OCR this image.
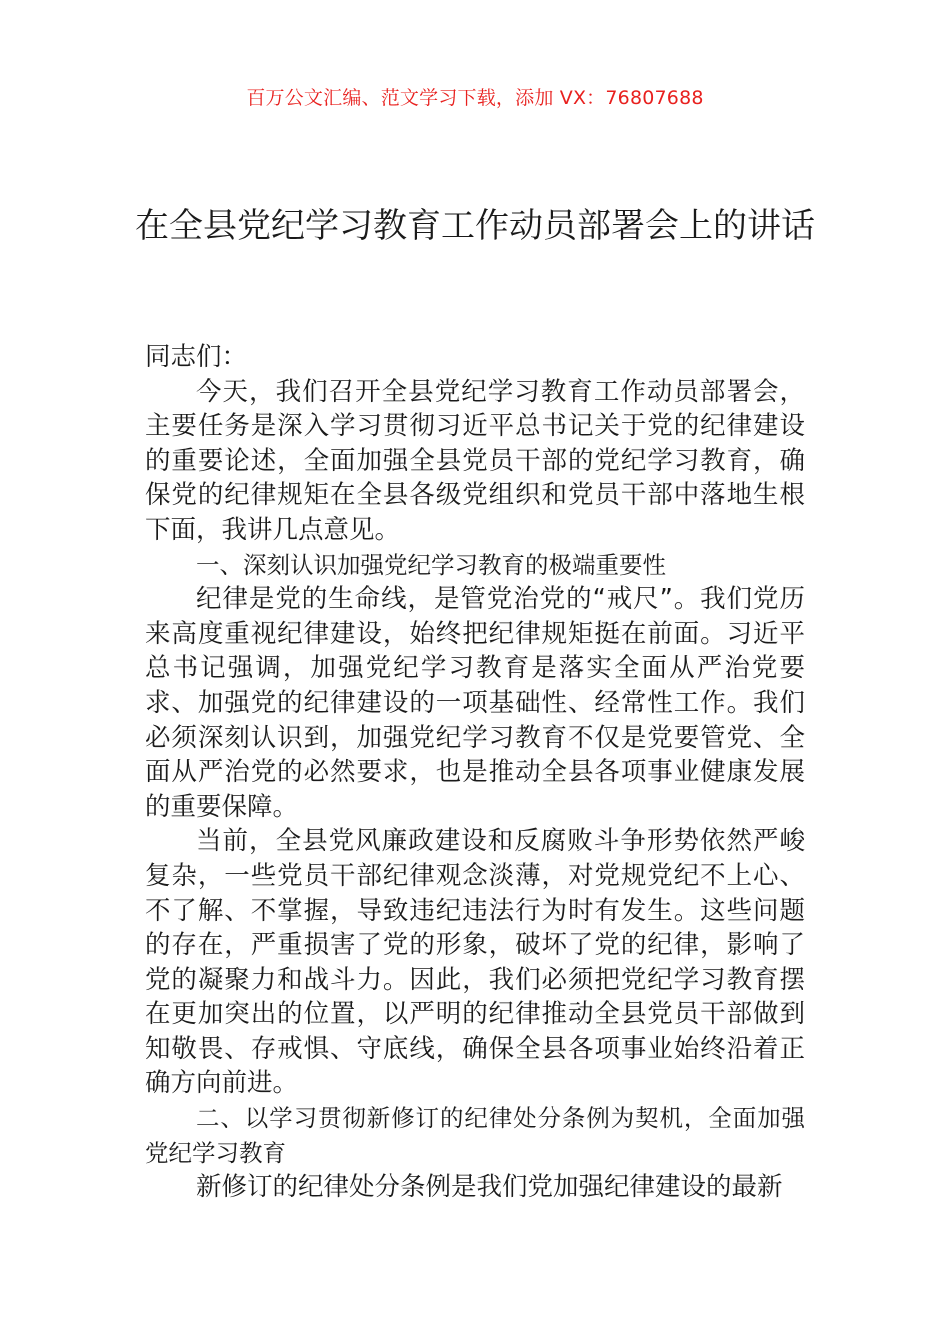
百万公文汇编、范文学习下载，添加 VX：76807688
在全县党纪学习教育工作动员部署会上的讲话

同志们：

今天，我们召开全县党纪学习教育工作动员部署会，主要任务是深入学习贯彻习近平总书记关于党的纪律建设的重要论述，全面加强全县党员干部的党纪学习教育，确保党的纪律规矩在全县各级党组织和党员干部中落地生根下面，我讲几点意见。

一、深刻认识加强党纪学习教育的极端重要性

纪律是党的生命线，是管党治党的“戒尺”。我们党历来高度重视纪律建设，始终把纪律规矩挺在前面。习近平总书记强调，加强党纪学习教育是落实全面从严治党要求、加强党的纪律建设的一项基础性、经常性工作。我们必须深刻认识到，加强党纪学习教育不仅是党要管党、全面从严治党的必然要求，也是推动全县各项事业健康发展的重要保障。

当前，全县党风廉政建设和反腐败斗争形势依然严峻复杂，一些党员干部纪律观念淡薄，对党规党纪不上心、不了解、不掌握，导致违纪违法行为时有发生。这些问题的存在，严重损害了党的形象，破坏了党的纪律，影响了党的凝聚力和战斗力。因此，我们必须把党纪学习教育摆在更加突出的位置，以严明的纪律推动全县党员干部做到知敬畏、存戒惧、守底线，确保全县各项事业始终沿着正确方向前进。

二、以学习贯彻新修订的纪律处分条例为契机，全面加强党纪学习教育

新修订的纪律处分条例是我们党加强纪律建设的最新
